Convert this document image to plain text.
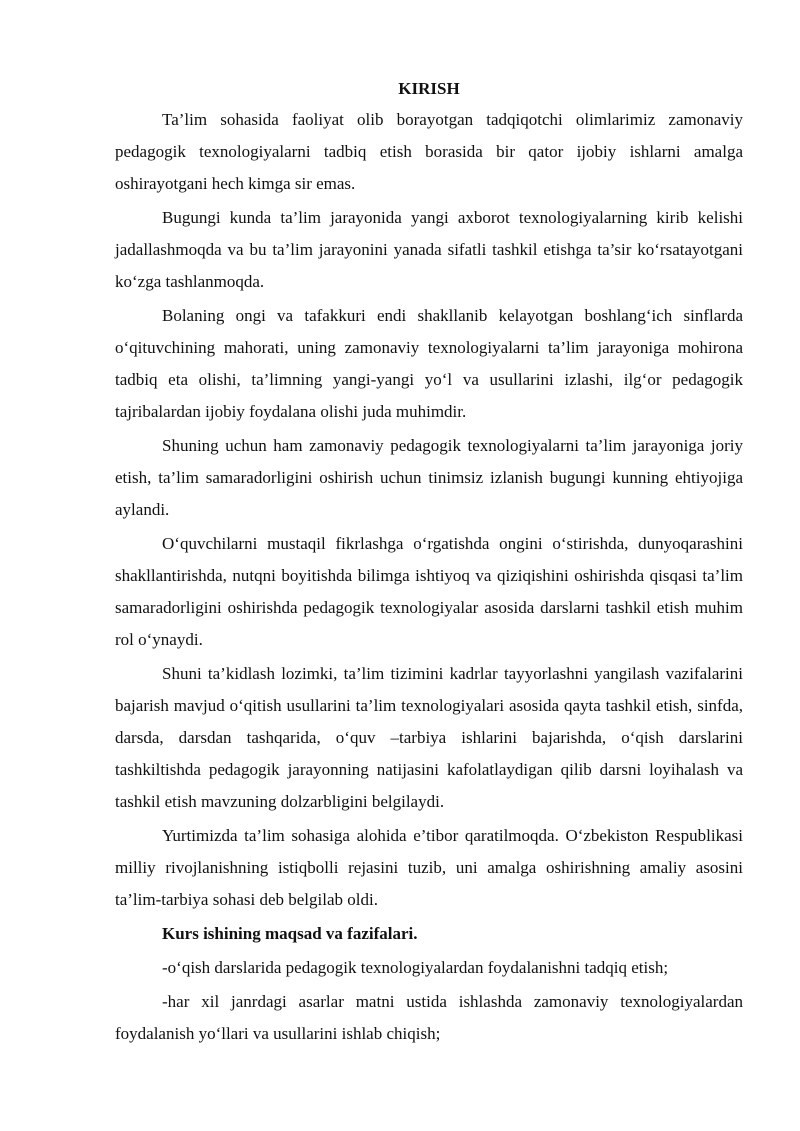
KIRISH

Ta’lim sohasida faoliyat olib borayotgan tadqiqotchi olimlarimiz zamonaviy pedagogik texnologiyalarni tadbiq etish borasida bir qator ijobiy ishlarni amalga oshirayotgani hech kimga sir emas.

Bugungi kunda ta’lim jarayonida yangi axborot texnologiyalarning kirib kelishi jadallashmoqda va bu ta’lim jarayonini yanada sifatli tashkil etishga ta’sir ko‘rsatayotgani ko‘zga tashlanmoqda.

Bolaning ongi va tafakkuri endi shakllanib kelayotgan boshlang‘ich sinflarda o‘qituvchining mahorati, uning zamonaviy texnologiyalarni ta’lim jarayoniga mohirona tadbiq eta olishi, ta’limning yangi-yangi yo‘l va usullarini izlashi, ilg‘or pedagogik tajribalardan ijobiy foydalana olishi juda muhimdir.

Shuning uchun ham zamonaviy pedagogik texnologiyalarni ta’lim jarayoniga joriy etish, ta’lim samaradorligini oshirish uchun tinimsiz izlanish bugungi kunning ehtiyojiga aylandi.

O‘quvchilarni mustaqil fikrlashga o‘rgatishda ongini o‘stirishda, dunyoqarashini shakllantirishda, nutqni boyitishda bilimga ishtiyoq va qiziqishini oshirishda qisqasi ta’lim samaradorligini oshirishda pedagogik texnologiyalar asosida darslarni tashkil etish muhim rol o‘ynaydi.

Shuni ta’kidlash lozimki, ta’lim tizimini kadrlar tayyorlashni yangilash vazifalarini bajarish mavjud o‘qitish usullarini ta’lim texnologiyalari asosida qayta tashkil etish, sinfda, darsda, darsdan tashqarida, o‘quv –tarbiya ishlarini bajarishda, o‘qish darslarini tashkiltishda pedagogik jarayonning natijasini kafolatlaydigan qilib darsni loyihalash va tashkil etish mavzuning dolzarbligini belgilaydi.

Yurtimizda ta’lim sohasiga alohida e’tibor qaratilmoqda. O‘zbekiston Respublikasi milliy rivojlanishning istiqbolli rejasini tuzib, uni amalga oshirishning amaliy asosini ta’lim-tarbiya sohasi deb belgilab oldi.

Kurs ishining maqsad va fazifalari.

-o‘qish darslarida pedagogik texnologiyalardan foydalanishni tadqiq etish;

-har xil janrdagi asarlar matni ustida ishlashda zamonaviy texnologiyalardan foydalanish yo‘llari va usullarini ishlab chiqish;
